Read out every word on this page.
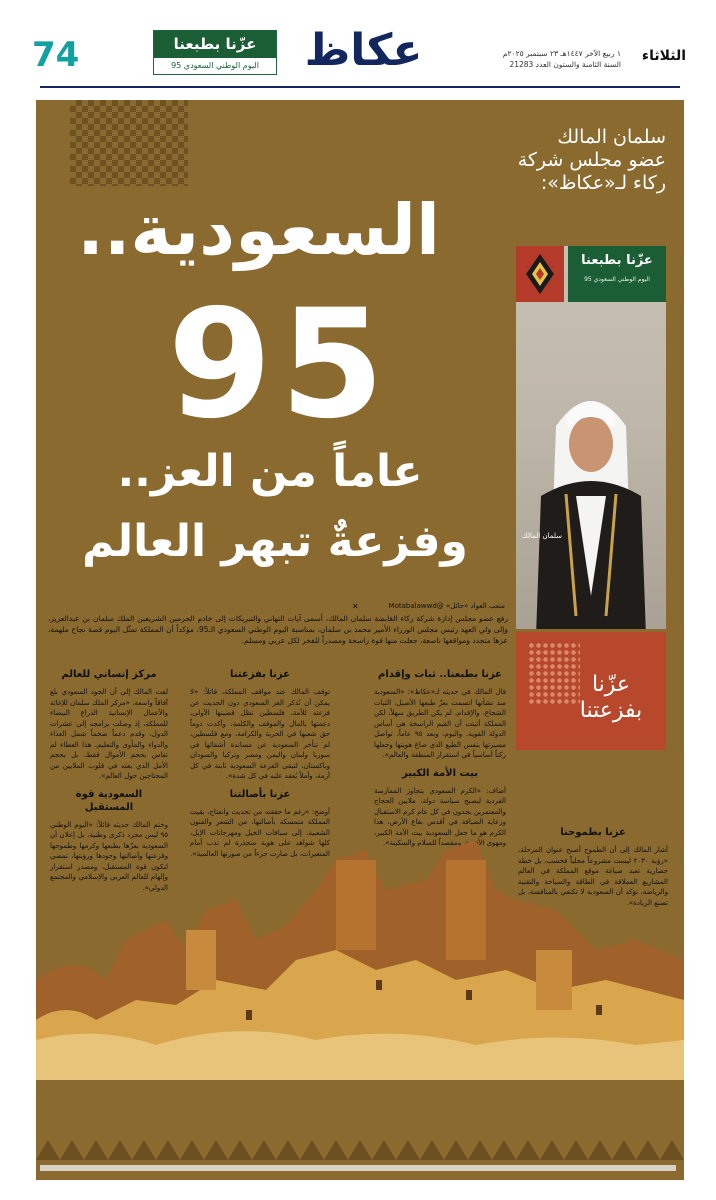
الثلاثاء
١ ربيع الآخر ١٤٤٧هـ ٢٣ سبتمبر ٢٠٢٥م
السنة الثامنة والستون العدد 21283
عكاظ
عزّنا بطبعنا
اليوم الوطني السعودي 95
74
سلمان المالك عضو مجلس شركة ركاء لـ«عكاظ»:
السعودية..
95
عاماً من العز..
وفزعةٌ تبهر العالم
عزّنا بطبعنا
اليوم الوطني السعودي 95
سلمان المالك
عزّنا بفزعتنا
✕	متعب العواد «حائل» @Motabalawwd
رفع عضو مجلس إدارة شركة ركاء القابضة سلمان المالك، أسمى آيات التهاني والتبريكات إلى خادم الحرمين الشريفين الملك سلمان بن عبدالعزيز، وإلى ولي العهد رئيس مجلس الوزراء الأمير محمد بن سلمان، بمناسبة اليوم الوطني السعودي الـ95، مؤكداً أن المملكة تمثّل اليوم قصة نجاح ملهمة، عزها متجدد ومواقفها ناصعة، جعلت منها قوة راسخة ومصدراً للفخر لكل عربي ومسلم.
عزنا بطبعنا.. ثبات وإقدام

قال المالك في حديثه لـ«عكاظ»: «السعودية منذ نشأتها اتسمت بعزّ طبعها الأصيل، الثبات الشجاع، والإقدام، لم يكن الطريق سهلاً، لكن المملكة أثبتت أن القيم الراسخة هي أساس الدولة القوية. واليوم، وبعد ٩٥ عاماً، تواصل مسيرتها بنفس الطبع الذي صاغ هويتها وجعلها ركناً أساسياً في استقرار المنطقة والعالم».

بيت الأمة الكبير

أضاف: «الكرم السعودي يتجاوز الممارسة الفردية ليصبح سياسة دولة، ملايين الحجاج والمعتمرين يجدون في كل عام كرم الاستقبال ورعاية الضيافة في أقدس بقاع الأرض، هذا الكرم هو ما جعل السعودية بيت الأمة الكبير، ومهوى الأفئدة، ومقصداً للسلام والسكينة».

عزنا بفزعتنا

توقف المالك عند مواقف المملكة، قائلاً: «لا يمكن أن نُذكر العز السعودي دون الحديث عن فزعته للأمة، فلسطين تظل قضيتها الأولى، دعمتها بالمال والموقف والكلمة، وأكدت دوماً حق شعبها في الحرية والكرامة، ومع فلسطين، لم تتأخر السعودية عن مساندة أشقائها في سوريا ولبنان واليمن ومصر وتركيا والسودان وباكستان، لتبقى الفزعة السعودية ثابتة في كل أزمة، وأملاً يُعقد عليه في كل شدة».

عزنا بأصالتنا

أوضح: «رغم ما حققته من تحديث وانفتاح، بقيت المملكة متمسكة بأصالتها، من الشعر والفنون الشعبية، إلى سباقات الخيل ومهرجانات الإبل، كلها شواهد على هوية متجذرة لم تذب أمام المتغيرات، بل صارت جزءاً من صورتها العالمية».

مركز إنساني للعالم

لفت المالك إلى أن الجود السعودي بلغ آفاقاً واسعة، «مركز الملك سلمان للإغاثة والأعمال الإنسانية الذراع البيضاء للمملكة، إذ وصلت برامجه إلى عشرات الدول، وقدم دعماً ضخماً شمل الغذاء والدواء والمأوى والتعليم، هذا العطاء لم تقاس بحجم الأموال فقط، بل بحجم الأمل الذي بعثه في قلوب الملايين من المحتاجين حول العالم».

السعودية قوة المستقبل

وختم المالك حديثه قائلاً: «اليوم الوطني ٩٥ ليس مجرد ذكرى وطنية، بل إعلان أن السعودية بعزّها بطبعها وكرمها وطموحها وفزعتها وأصالتها وجودها ورؤيتها، تمضي لتكون قوة المستقبل، ومصدر استقرار وإلهام للعالم العربي والإسلامي والمجتمع الدولي».

عزنا بطموحنا

أشار المالك إلى أن الطموح أصبح عنوان المرحلة، «رؤية ٢٠٣٠ ليست مشروعاً محلياً فحسب، بل خطة حضارية تعيد صياغة موقع المملكة في العالم المشاريع العملاقة في الطاقة والسياحة والتقنية والرياضة، تؤكد أن السعودية لا تكتفي بالمنافسة، بل تصنع الريادة».
